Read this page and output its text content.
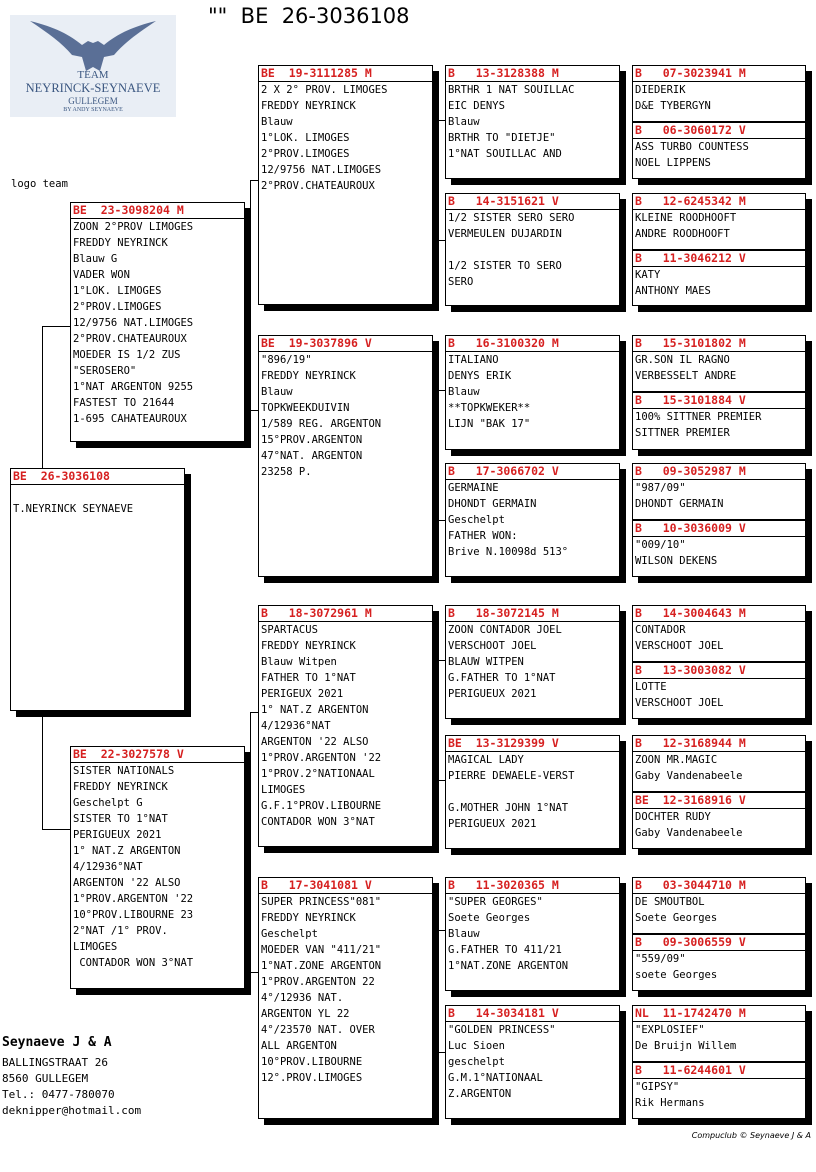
""  BE  26-3036108
TEAM
NEYRINCK-SEYNAEVE
GULLEGEM
BY ANDY SEYNAEVE
logo team
BE  26-3036108
T.NEYRINCK SEYNAEVE
BE  23-3098204 M
ZOON 2°PROV LIMOGES
FREDDY NEYRINCK
Blauw G
VADER WON
1°LOK. LIMOGES
2°PROV.LIMOGES
12/9756 NAT.LIMOGES
2°PROV.CHATEAUROUX
MOEDER IS 1/2 ZUS
"SEROSERO"
1°NAT ARGENTON 9255
FASTEST TO 21644
1-695 CAHATEAUROUX
BE  22-3027578 V
SISTER NATIONALS
FREDDY NEYRINCK
Geschelpt G
SISTER TO 1°NAT
PERIGUEUX 2021
1° NAT.Z ARGENTON
4/12936°NAT
ARGENTON '22 ALSO
1°PROV.ARGENTON '22
10°PROV.LIBOURNE 23
2°NAT /1° PROV.
LIMOGES
CONTADOR WON 3°NAT
BE  19-3111285 M
2 X 2° PROV. LIMOGES
FREDDY NEYRINCK
Blauw
1°LOK. LIMOGES
2°PROV.LIMOGES
12/9756 NAT.LIMOGES
2°PROV.CHATEAUROUX
BE  19-3037896 V
"896/19"
FREDDY NEYRINCK
Blauw
TOPKWEEKDUIVIN
1/589 REG. ARGENTON
15°PROV.ARGENTON
47°NAT. ARGENTON
23258 P.
B   18-3072961 M
SPARTACUS
FREDDY NEYRINCK
Blauw Witpen
FATHER TO 1°NAT
PERIGEUX 2021
1° NAT.Z ARGENTON
4/12936°NAT
ARGENTON '22 ALSO
1°PROV.ARGENTON '22
1°PROV.2°NATIONAAL
LIMOGES
G.F.1°PROV.LIBOURNE
CONTADOR WON 3°NAT
B   17-3041081 V
SUPER PRINCESS"081"
FREDDY NEYRINCK
Geschelpt
MOEDER VAN "411/21"
1°NAT.ZONE ARGENTON
1°PROV.ARGENTON 22
4°/12936 NAT.
ARGENTON YL 22
4°/23570 NAT. OVER
ALL ARGENTON
10°PROV.LIBOURNE
12°.PROV.LIMOGES
B   13-3128388 M
BRTHR 1 NAT SOUILLAC
EIC DENYS
Blauw
BRTHR TO "DIETJE"
1°NAT SOUILLAC AND
B   14-3151621 V
1/2 SISTER SERO SERO
VERMEULEN DUJARDIN
1/2 SISTER TO SERO
SERO
B   16-3100320 M
ITALIANO
DENYS ERIK
Blauw
**TOPKWEKER**
LIJN "BAK 17"
B   17-3066702 V
GERMAINE
DHONDT GERMAIN
Geschelpt
FATHER WON:
Brive N.10098d 513°
B   18-3072145 M
ZOON CONTADOR JOEL
VERSCHOOT JOEL
BLAUW WITPEN
G.FATHER TO 1°NAT
PERIGUEUX 2021
BE  13-3129399 V
MAGICAL LADY
PIERRE DEWAELE-VERST
G.MOTHER JOHN 1°NAT
PERIGUEUX 2021
B   11-3020365 M
"SUPER GEORGES"
Soete Georges
Blauw
G.FATHER TO 411/21
1°NAT.ZONE ARGENTON
B   14-3034181 V
"GOLDEN PRINCESS"
Luc Sioen
geschelpt
G.M.1°NATIONAAL
Z.ARGENTON
B   07-3023941 M
DIEDERIK
D&E TYBERGYN
B   06-3060172 V
ASS TURBO COUNTESS
NOEL LIPPENS
B   12-6245342 M
KLEINE ROODHOOFT
ANDRE ROODHOOFT
B   11-3046212 V
KATY
ANTHONY MAES
B   15-3101802 M
GR.SON IL RAGNO
VERBESSELT ANDRE
B   15-3101884 V
100% SITTNER PREMIER
SITTNER PREMIER
B   09-3052987 M
"987/09"
DHONDT GERMAIN
B   10-3036009 V
"009/10"
WILSON DEKENS
B   14-3004643 M
CONTADOR
VERSCHOOT JOEL
B   13-3003082 V
LOTTE
VERSCHOOT JOEL
B   12-3168944 M
ZOON MR.MAGIC
Gaby Vandenabeele
BE  12-3168916 V
DOCHTER RUDY
Gaby Vandenabeele
B   03-3044710 M
DE SMOUTBOL
Soete Georges
B   09-3006559 V
"559/09"
soete Georges
NL  11-1742470 M
"EXPLOSIEF"
De Bruijn Willem
B   11-6244601 V
"GIPSY"
Rik Hermans
Seynaeve J & A
BALLINGSTRAAT 26
8560 GULLEGEM
Tel.: 0477-780070
deknipper@hotmail.com
Compuclub © Seynaeve J & A
